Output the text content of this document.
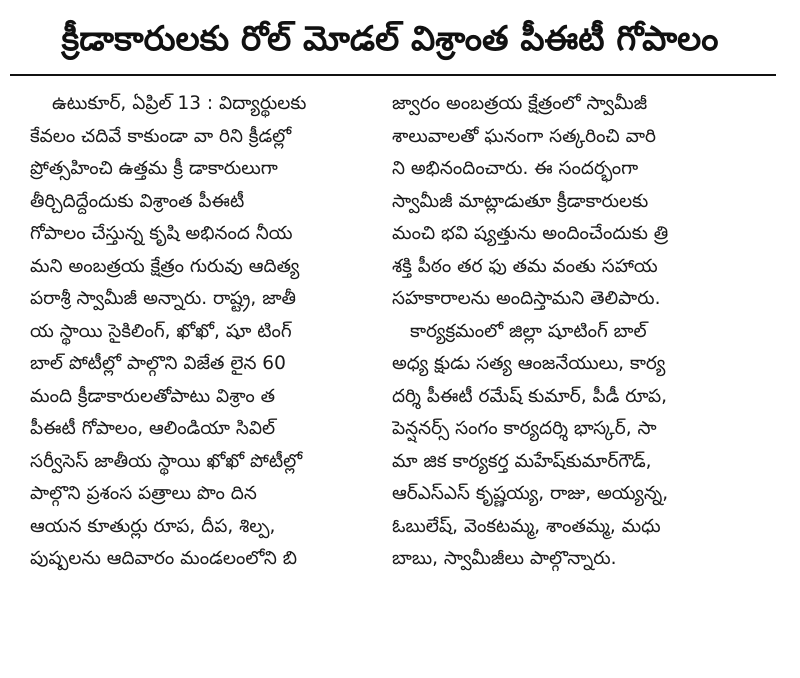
క్రీడాకారులకు రోల్ మోడల్ విశ్రాంత పీఈటీ గోపాలం
ఉటుకూర్, ఏప్రిల్ 13 : విద్యార్థులకు
కేవలం చదివే కాకుండా వా రిని క్రీడల్లో
ప్రోత్సహించి ఉత్తమ క్రీ డాకారులుగా
తీర్చిదిద్దేందుకు విశ్రాంత పీఈటీ
గోపాలం చేస్తున్న కృషి అభినంద నీయ
మని అంబత్రయ క్షేత్రం గురువు ఆదిత్య
పరాశ్రీ స్వామీజీ అన్నారు. రాష్ట్ర, జాతీ
య స్థాయి సైకిలింగ్, ఖోఖో, షూ టింగ్
బాల్ పోటీల్లో పాల్గొని విజేత లైన 60
మంది క్రీడాకారులతోపాటు విశ్రాం త
పీఈటీ గోపాలం, ఆలిండియా సివిల్
సర్వీసెస్ జాతీయ స్థాయి ఖోఖో పోటీల్లో
పాల్గొని ప్రశంస పత్రాలు పొం దిన
ఆయన కూతుర్లు రూప, దీప, శిల్ప,
పుష్పలను ఆదివారం మండలంలోని బి
జ్వారం అంబత్రయ క్షేత్రంలో స్వామీజీ
శాలువాలతో ఘనంగా సత్కరించి వారి
ని అభినందించారు. ఈ సందర్భంగా
స్వామీజీ మాట్లాడుతూ క్రీడాకారులకు
మంచి భవి ష్యత్తును అందించేందుకు త్రి
శక్తి పీఠం తర ఫు తమ వంతు సహాయ
సహకారాలను అందిస్తామని తెలిపారు.
కార్యక్రమంలో జిల్లా షూటింగ్ బాల్
అధ్య క్షుడు సత్య ఆంజనేయులు, కార్య
దర్శి పీఈటీ రమేష్ కుమార్, పీడీ రూప,
పెన్షనర్స్ సంగం కార్యదర్శి భాస్కర్, సా
మా జిక కార్యకర్త మహేష్‌కుమార్‌గౌడ్,
ఆర్ఎస్ఎస్ కృష్ణయ్య, రాజు, అయ్యన్న,
ఓబులేష్, వెంకటమ్మ, శాంతమ్మ, మధు
బాబు, స్వామీజీలు పాల్గొన్నారు.
